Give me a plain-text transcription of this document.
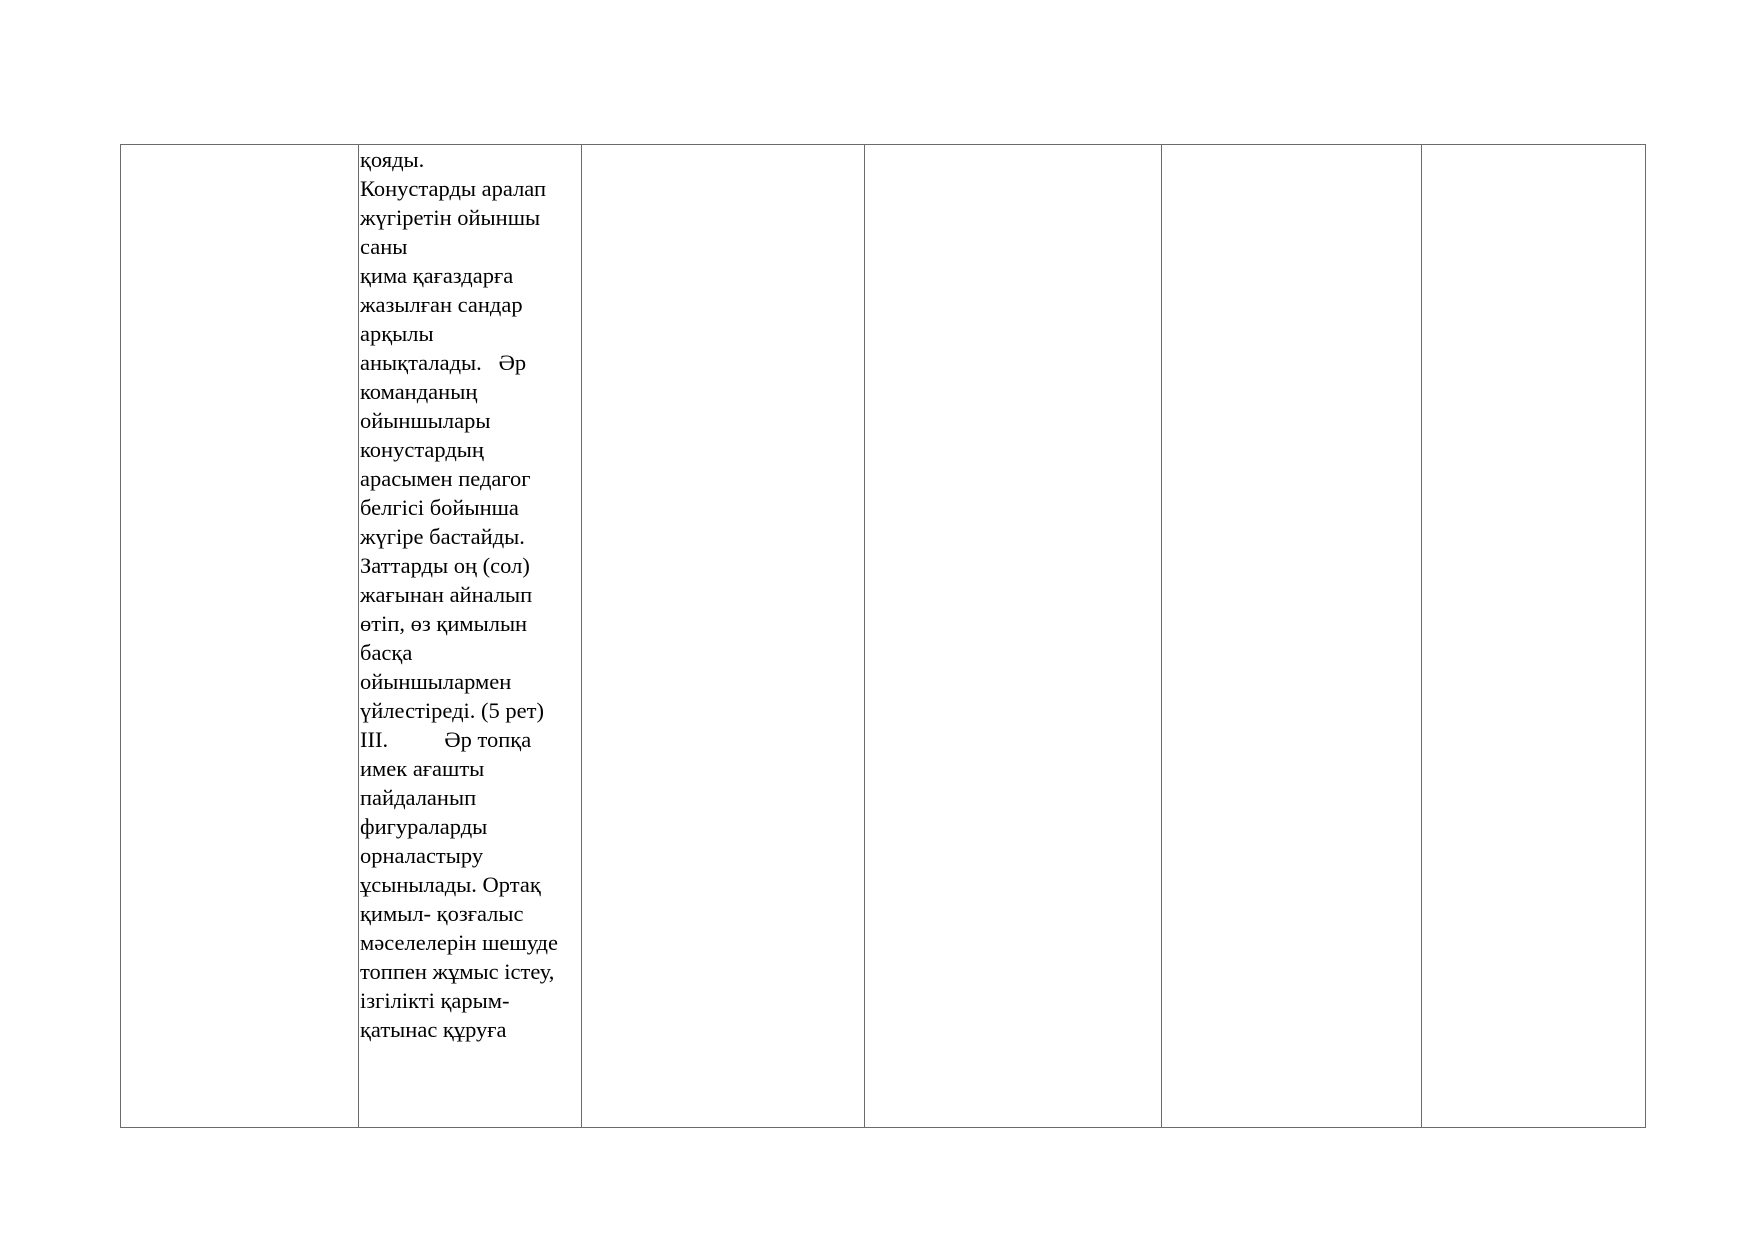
қояды.
Конустарды аралап
жүгіретін ойыншы
саны
қима қағаздарға
жазылған сандар
арқылы
анықталады.   Әр
команданың
ойыншылары
конустардың
арасымен педагог
белгісі бойынша
жүгіре бастайды.
Заттарды оң (сол)
жағынан айналып
өтіп, өз қимылын
басқа
ойыншылармен
үйлестіреді. (5 рет)
ІІІ.          Әр топқа
имек ағашты
пайдаланып
фигураларды
орналастыру
ұсынылады. Ортақ
қимыл- қозғалыс
мәселелерін шешуде
топпен жұмыс істеу,
ізгілікті қарым-
қатынас құруға
